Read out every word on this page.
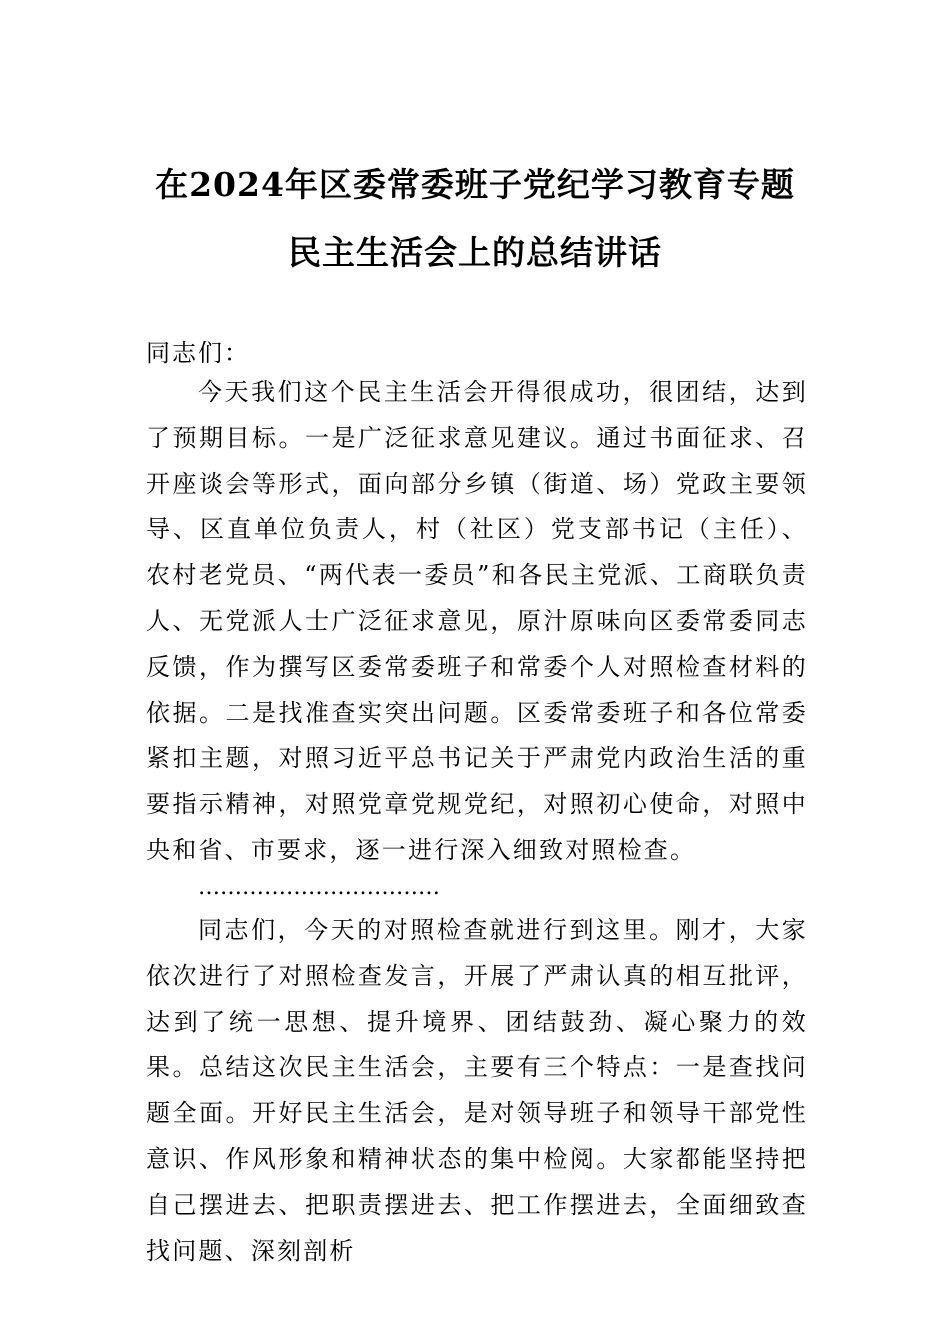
在2024年区委常委班子党纪学习教育专题
民主生活会上的总结讲话
同志们：
今天我们这个民主生活会开得很成功，很团结，达到了预期目标。一是广泛征求意见建议。通过书面征求、召开座谈会等形式，面向部分乡镇（街道、场）党政主要领导、区直单位负责人，村（社区）党支部书记（主任）、农村老党员、“两代表一委员”和各民主党派、工商联负责人、无党派人士广泛征求意见，原汁原味向区委常委同志反馈，作为撰写区委常委班子和常委个人对照检查材料的依据。二是找准查实突出问题。区委常委班子和各位常委紧扣主题，对照习近平总书记关于严肃党内政治生活的重要指示精神，对照党章党规党纪，对照初心使命，对照中央和省、市要求，逐一进行深入细致对照检查。
……………………………
同志们，今天的对照检查就进行到这里。刚才，大家依次进行了对照检查发言，开展了严肃认真的相互批评，达到了统一思想、提升境界、团结鼓劲、凝心聚力的效果。总结这次民主生活会，主要有三个特点：一是查找问题全面。开好民主生活会，是对领导班子和领导干部党性意识、作风形象和精神状态的集中检阅。大家都能坚持把自己摆进去、把职责摆进去、把工作摆进去，全面细致查找问题、深刻剖析
